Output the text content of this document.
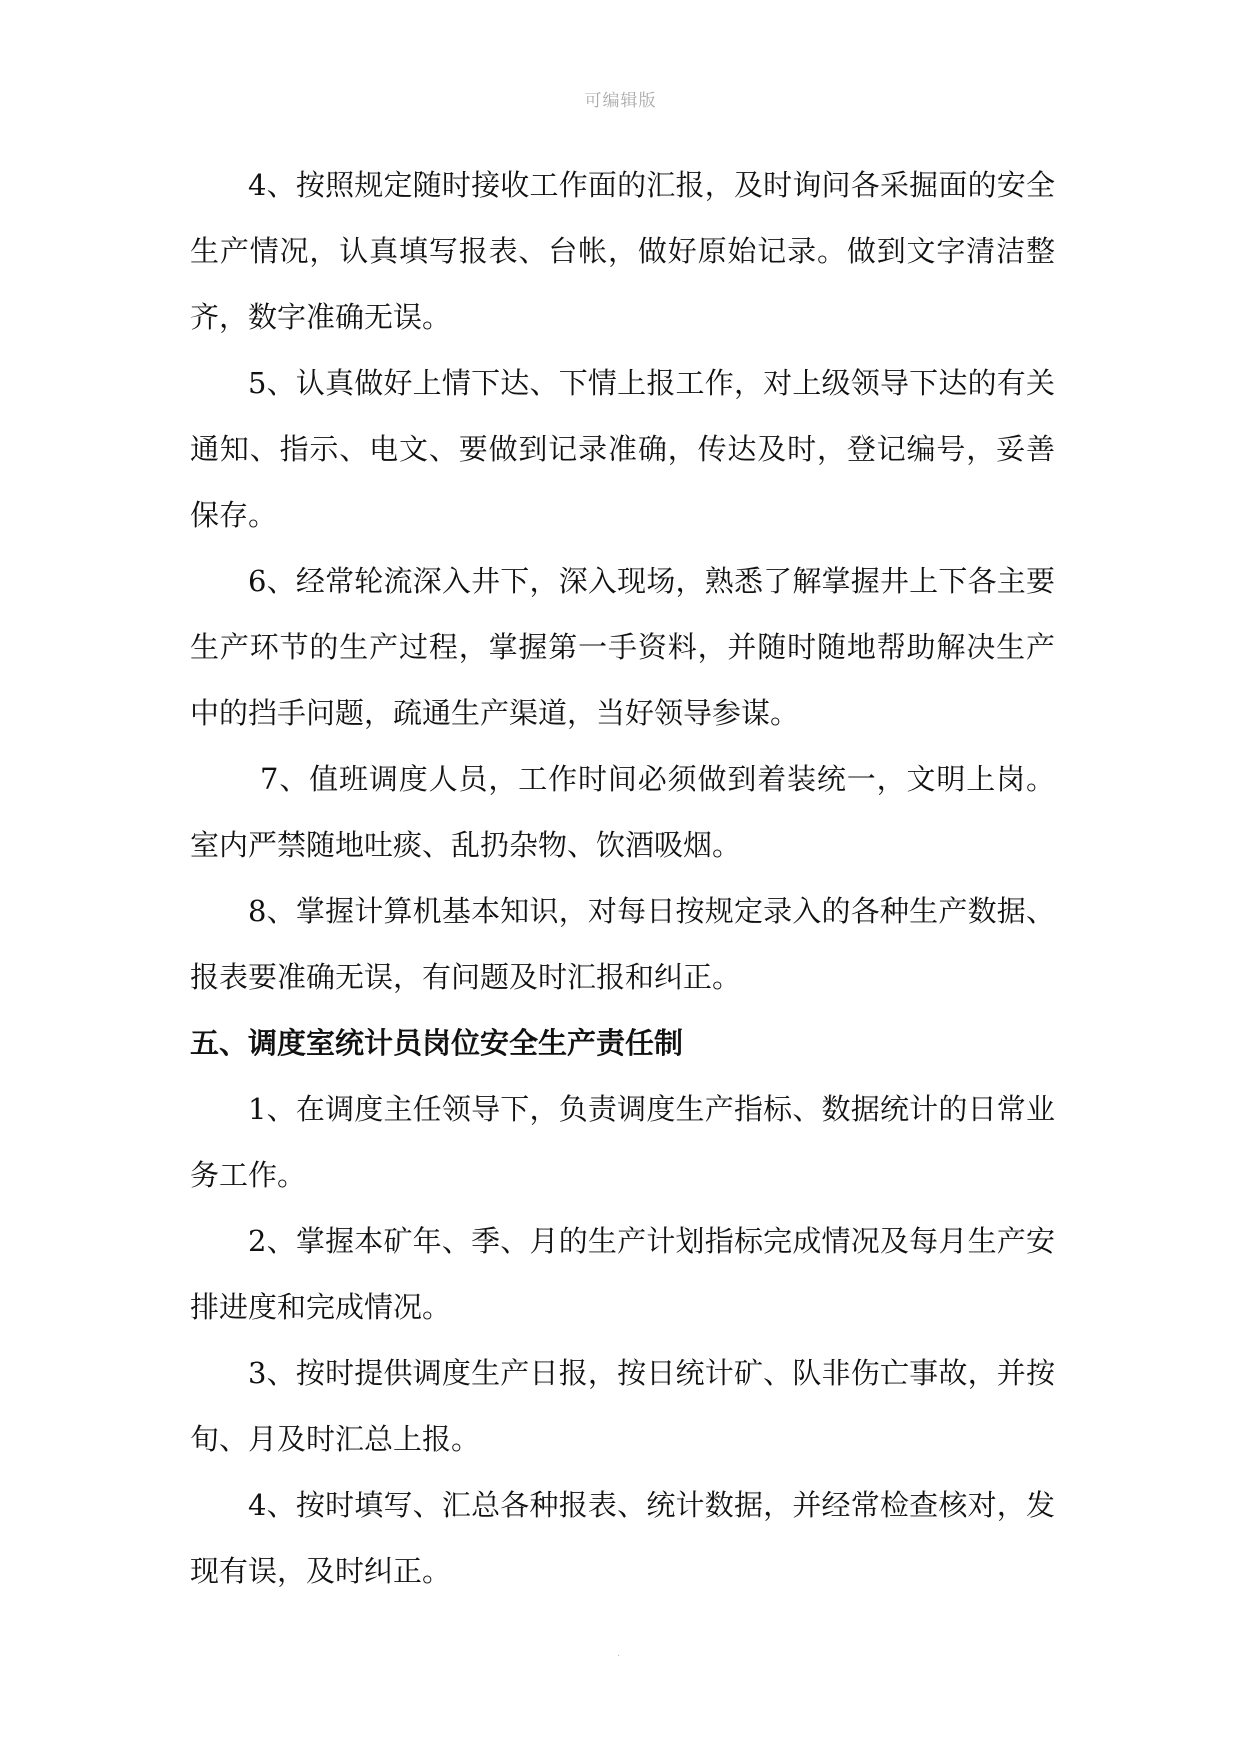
可编辑版

4、按照规定随时接收工作面的汇报，及时询问各采掘面的安全生产情况，认真填写报表、台帐，做好原始记录。做到文字清洁整齐，数字准确无误。

5、认真做好上情下达、下情上报工作，对上级领导下达的有关通知、指示、电文、要做到记录准确，传达及时，登记编号，妥善保存。

6、经常轮流深入井下，深入现场，熟悉了解掌握井上下各主要生产环节的生产过程，掌握第一手资料，并随时随地帮助解决生产中的挡手问题，疏通生产渠道，当好领导参谋。

7、值班调度人员，工作时间必须做到着装统一，文明上岗。室内严禁随地吐痰、乱扔杂物、饮酒吸烟。

8、掌握计算机基本知识，对每日按规定录入的各种生产数据、报表要准确无误，有问题及时汇报和纠正。

五、调度室统计员岗位安全生产责任制

1、在调度主任领导下，负责调度生产指标、数据统计的日常业务工作。

2、掌握本矿年、季、月的生产计划指标完成情况及每月生产安排进度和完成情况。

3、按时提供调度生产日报，按日统计矿、队非伤亡事故，并按旬、月及时汇总上报。

4、按时填写、汇总各种报表、统计数据，并经常检查核对，发现有误，及时纠正。

.
